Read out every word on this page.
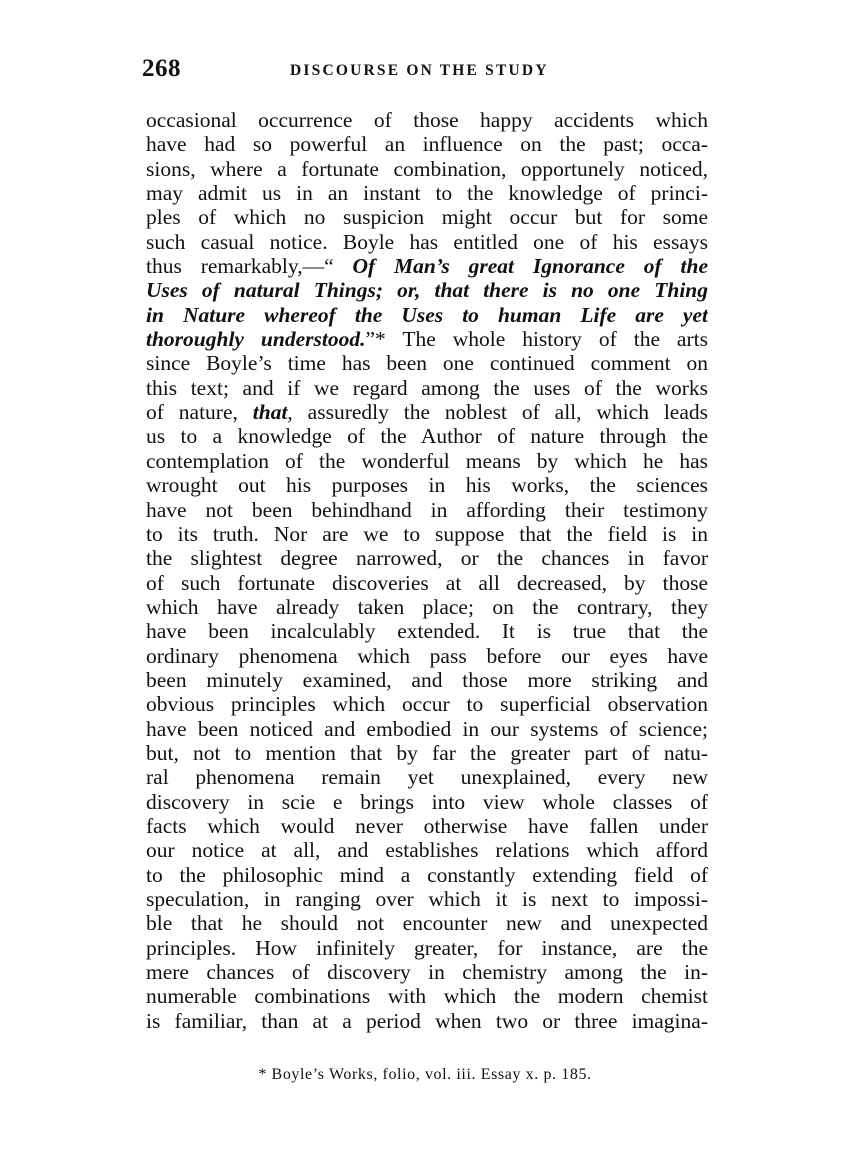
268	DISCOURSE ON THE STUDY
occasional occurrence of those happy accidents which
have had so powerful an influence on the past; occa-
sions, where a fortunate combination, opportunely noticed,
may admit us in an instant to the knowledge of princi-
ples of which no suspicion might occur but for some
such casual notice. Boyle has entitled one of his essays
thus remarkably,—“ Of Man’s great Ignorance of the
Uses of natural Things; or, that there is no one Thing
in Nature whereof the Uses to human Life are yet
thoroughly understood.”* The whole history of the arts
since Boyle’s time has been one continued comment on
this text; and if we regard among the uses of the works
of nature, that, assuredly the noblest of all, which leads
us to a knowledge of the Author of nature through the
contemplation of the wonderful means by which he has
wrought out his purposes in his works, the sciences
have not been behindhand in affording their testimony
to its truth. Nor are we to suppose that the field is in
the slightest degree narrowed, or the chances in favor
of such fortunate discoveries at all decreased, by those
which have already taken place; on the contrary, they
have been incalculably extended. It is true that the
ordinary phenomena which pass before our eyes have
been minutely examined, and those more striking and
obvious principles which occur to superficial observation
have been noticed and embodied in our systems of science;
but, not to mention that by far the greater part of natu-
ral phenomena remain yet unexplained, every new
discovery in scie e brings into view whole classes of
facts which would never otherwise have fallen under
our notice at all, and establishes relations which afford
to the philosophic mind a constantly extending field of
speculation, in ranging over which it is next to impossi-
ble that he should not encounter new and unexpected
principles. How infinitely greater, for instance, are the
mere chances of discovery in chemistry among the in-
numerable combinations with which the modern chemist
is familiar, than at a period when two or three imagina-
* Boyle’s Works, folio, vol. iii. Essay x. p. 185.
